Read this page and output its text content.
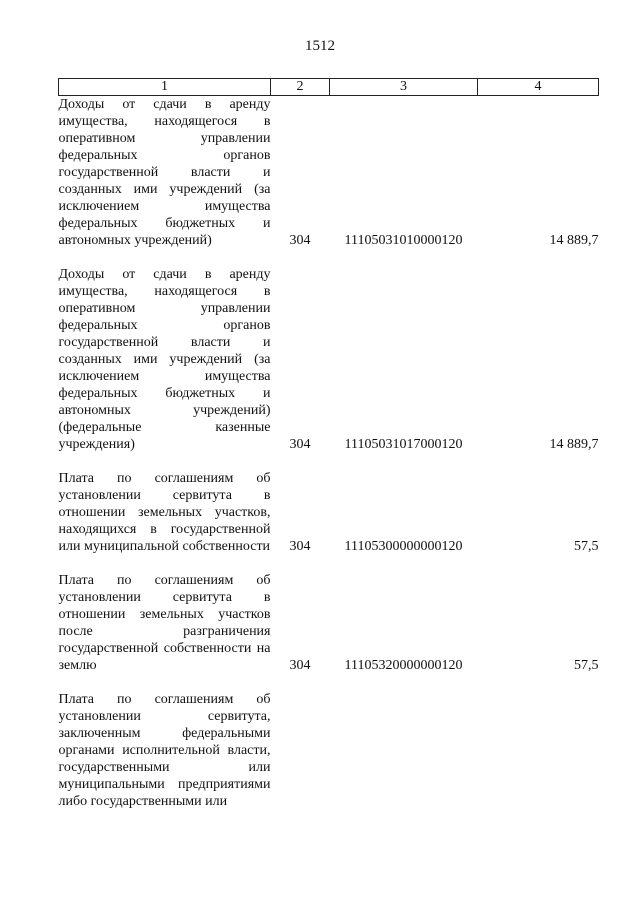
1512
1	2	3	4

Доходы от сдачи в аренду имущества, находящегося в оперативном управлении федеральных органов государственной власти и созданных ими учреждений (за исключением имущества федеральных бюджетных и автономных учреждений)	304	11105031010000120	14 889,7

Доходы от сдачи в аренду имущества, находящегося в оперативном управлении федеральных органов государственной власти и созданных ими учреждений (за исключением имущества федеральных бюджетных и автономных учреждений) (федеральные казенные учреждения)	304	11105031017000120	14 889,7

Плата по соглашениям об установлении сервитута в отношении земельных участков, находящихся в государственной или муниципальной собственности	304	11105300000000120	57,5

Плата по соглашениям об установлении сервитута в отношении земельных участков после разграничения государственной собственности на землю	304	11105320000000120	57,5

Плата по соглашениям об установлении сервитута, заключенным федеральными органами исполнительной власти, государственными или муниципальными предприятиями либо государственными или			
